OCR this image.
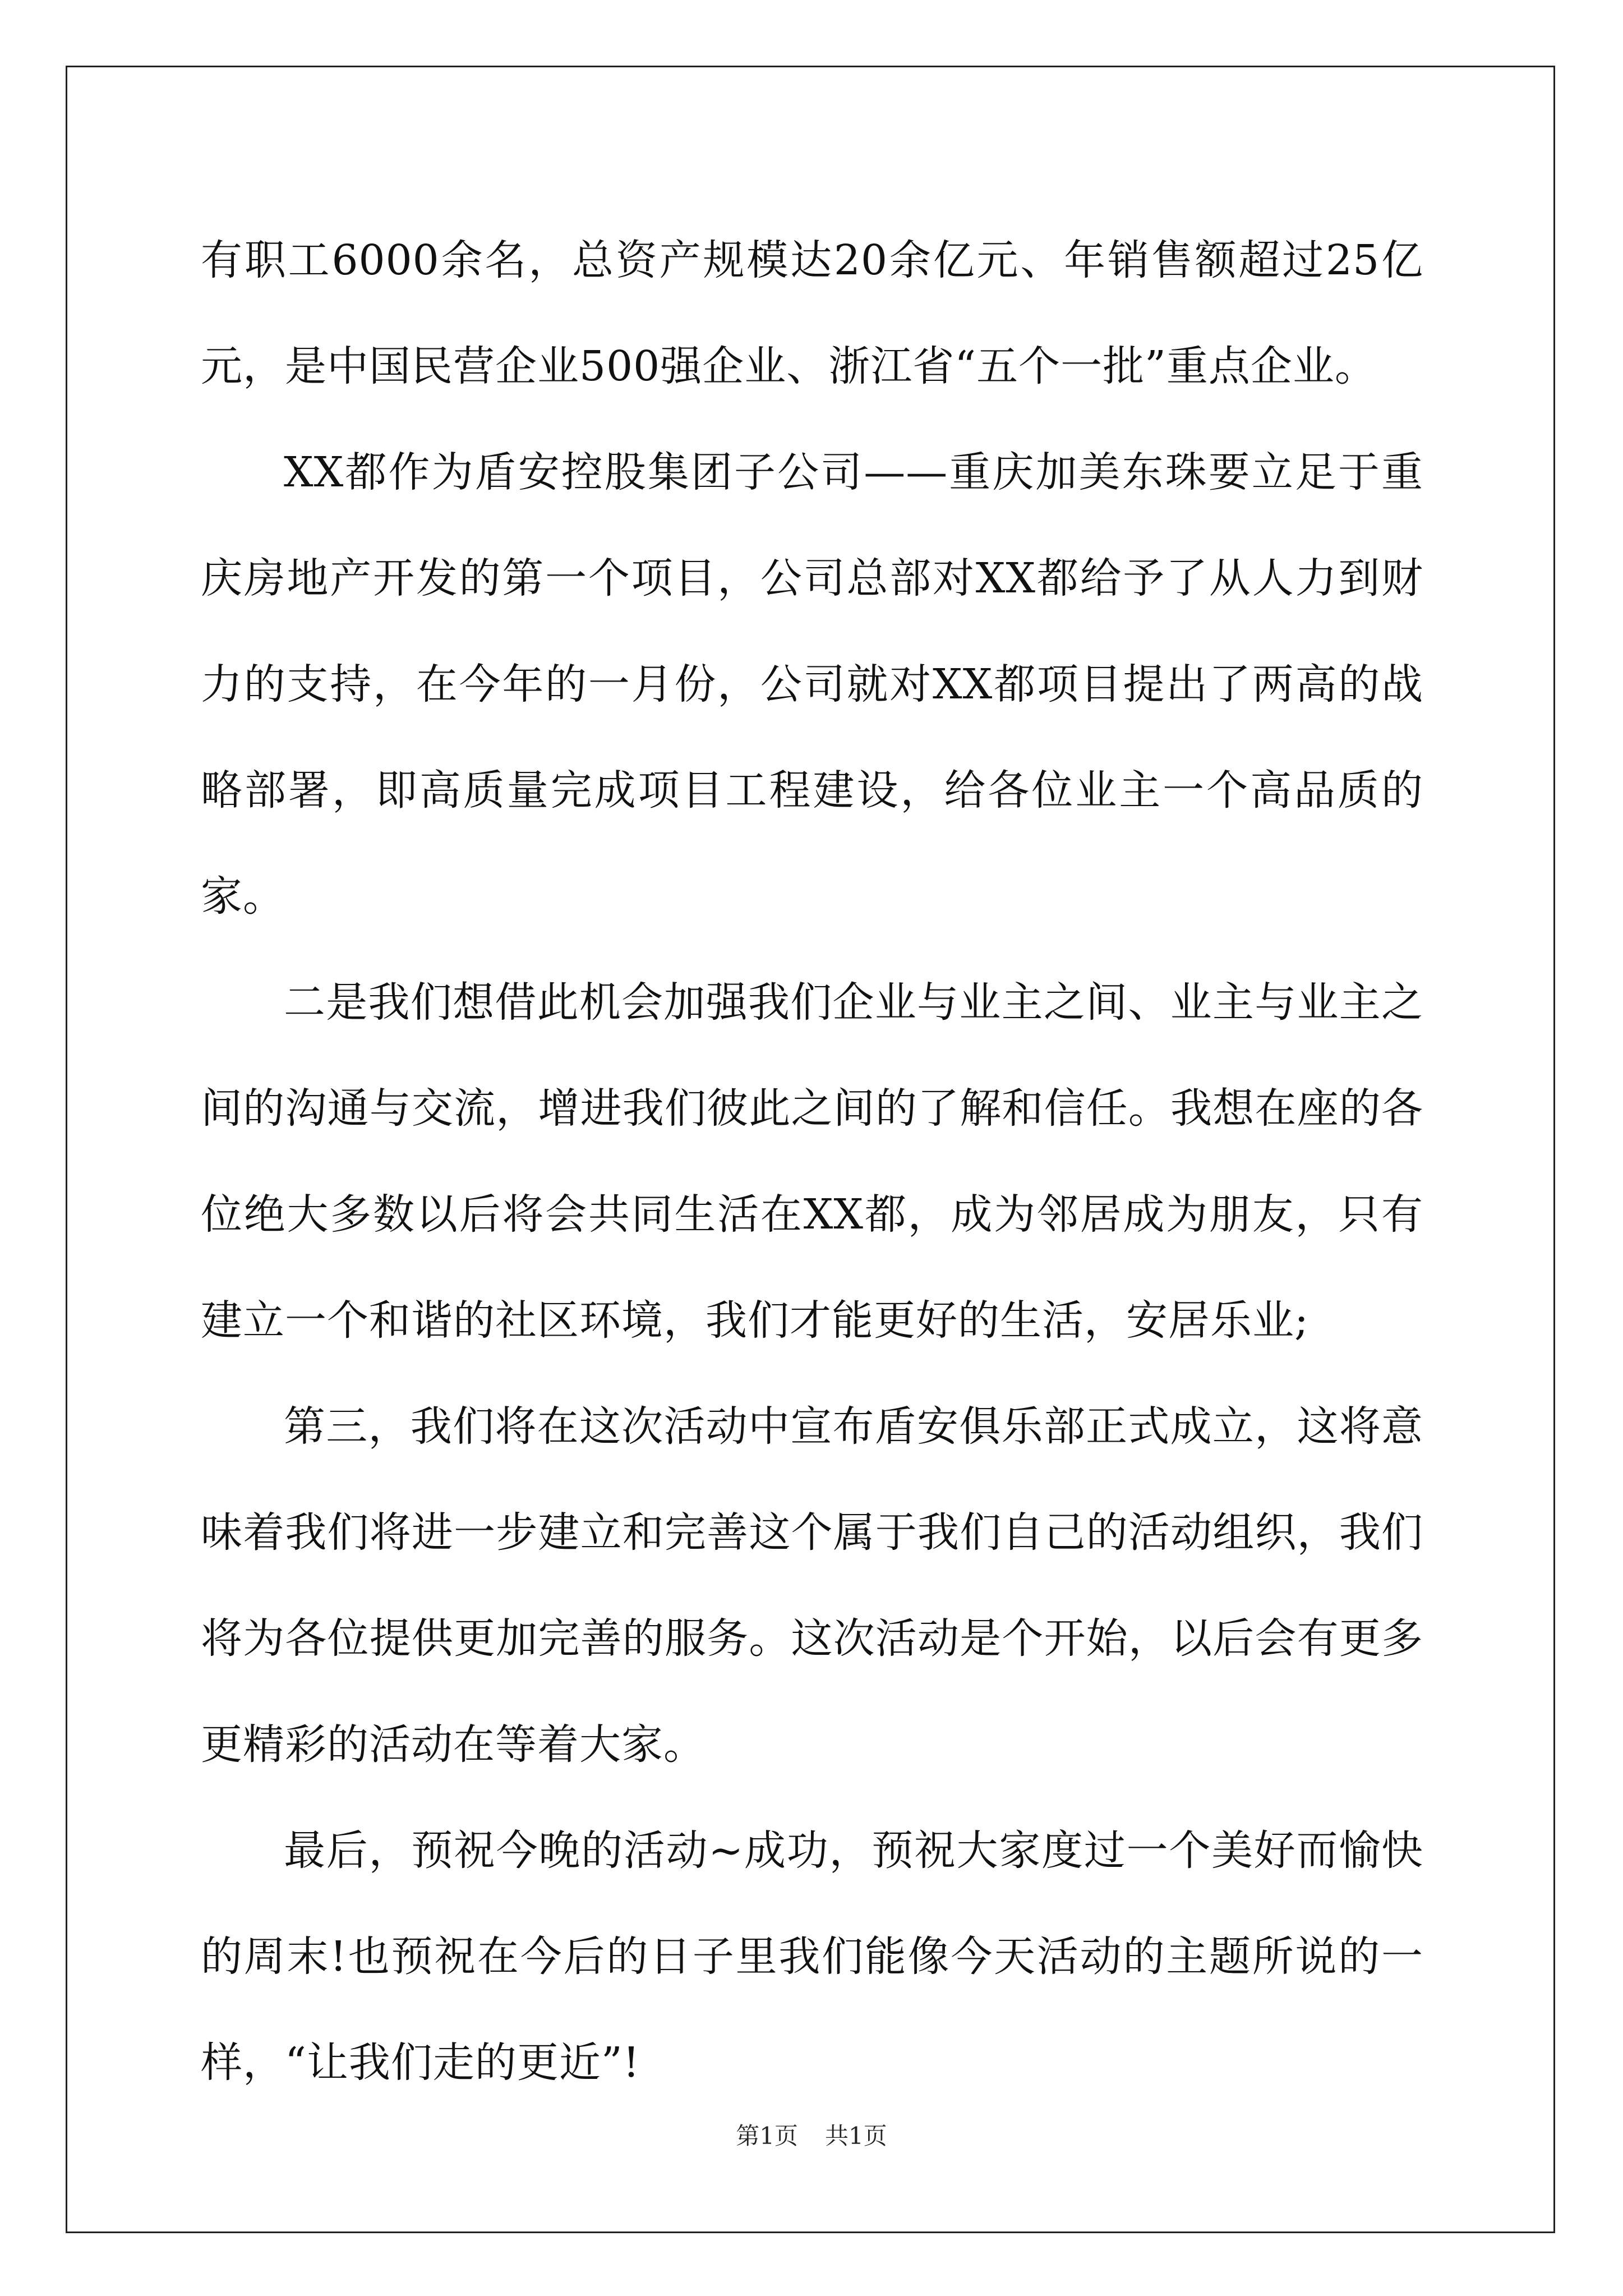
有职工6000余名，总资产规模达20余亿元、年销售额超过25亿元，是中国民营企业500强企业、浙江省“五个一批”重点企业。

XX都作为盾安控股集团子公司——重庆加美东珠要立足于重庆房地产开发的第一个项目，公司总部对XX都给予了从人力到财力的支持，在今年的一月份，公司就对XX都项目提出了两高的战略部署，即高质量完成项目工程建设，给各位业主一个高品质的家。

二是我们想借此机会加强我们企业与业主之间、业主与业主之间的沟通与交流，增进我们彼此之间的了解和信任。我想在座的各位绝大多数以后将会共同生活在XX都，成为邻居成为朋友，只有建立一个和谐的社区环境，我们才能更好的生活，安居乐业;

第三，我们将在这次活动中宣布盾安俱乐部正式成立，这将意味着我们将进一步建立和完善这个属于我们自己的活动组织，我们将为各位提供更加完善的服务。这次活动是个开始，以后会有更多更精彩的活动在等着大家。

最后，预祝今晚的活动~成功，预祝大家度过一个美好而愉快的周末!也预祝在今后的日子里我们能像今天活动的主题所说的一样，“让我们走的更近”!

第1页 共1页
